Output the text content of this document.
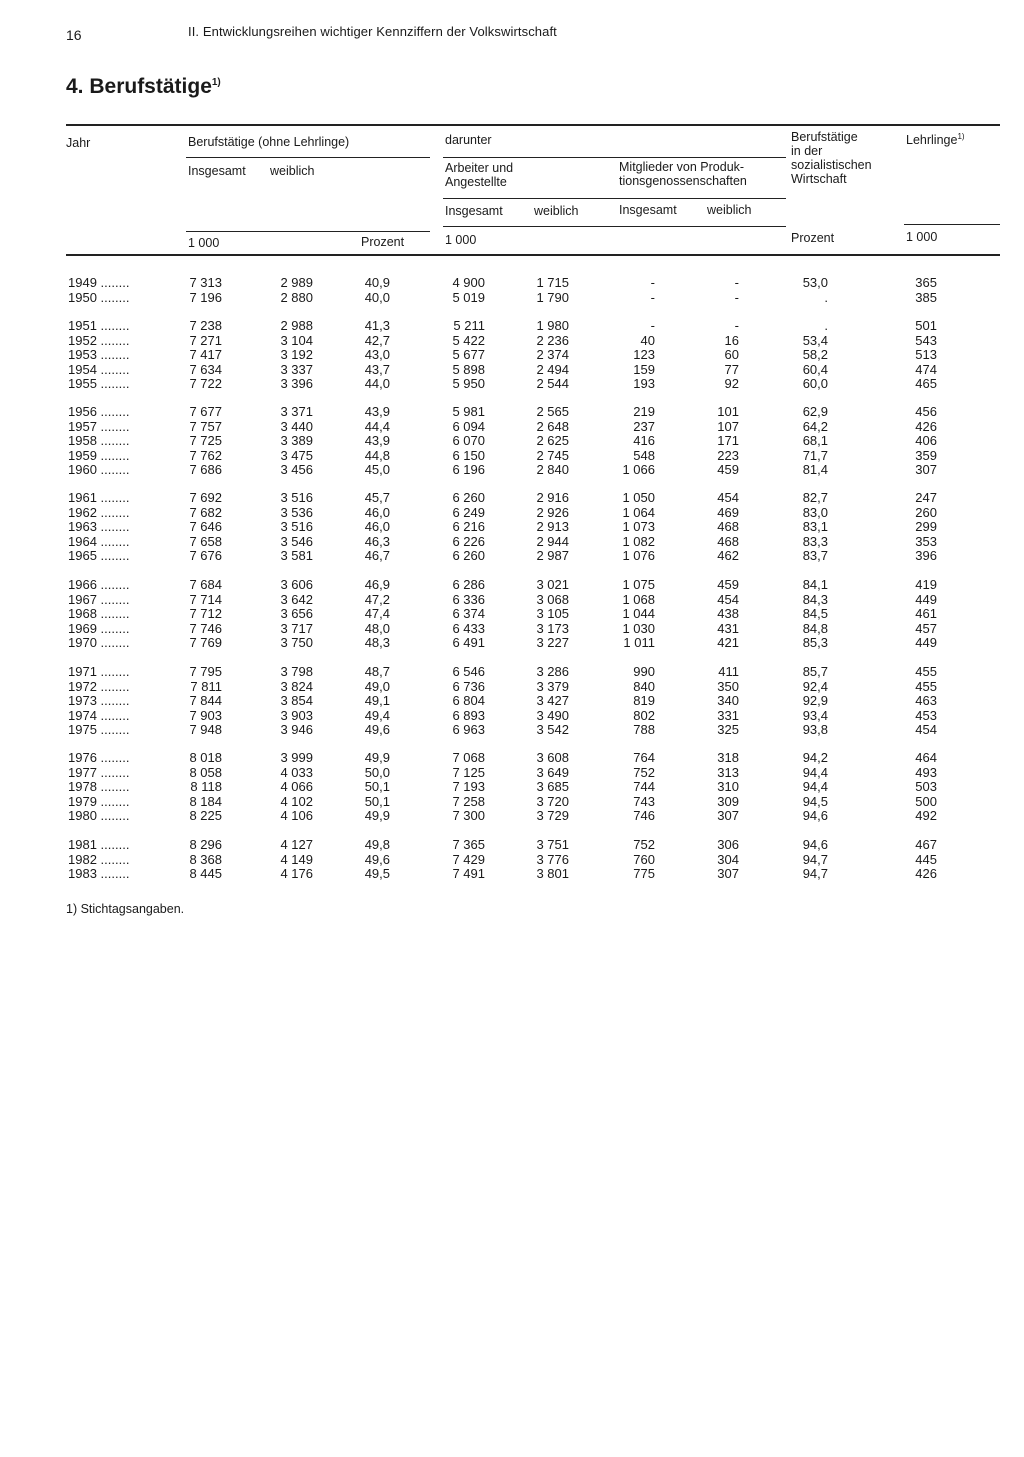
16	II. Entwicklungsreihen wichtiger Kennziffern der Volkswirtschaft
4. Berufstätige$^{1)}$
Jahr	Berufstätige (ohne Lehrlinge)
Insgesamt weiblich
darunter
Arbeiter und
Angestellte
Mitglieder von Produk-
tionsgenossenschaften
Berufstätige
in der
sozialistischen
Wirtschaft
Lehrlinge$^{1)}$
Insgesamt	weiblich	Insgesamt weiblich
1 000	Prozent	1 000	Prozent	1 000
1949 ........	7 313	2 989	40,9	4 900	1 715	-	-	53,0	365
1950 ........	7 196	2 880	40,0	5 019	1 790	-	-	.	385
1951 ........	7 238	2 988	41,3	5 211	1 980	-	-	.	501
1952 ........	7 271	3 104	42,7	5 422	2 236	40	16	53,4	543
1953 ........	7 417	3 192	43,0	5 677	2 374	123	60	58,2	513
1954 ........	7 634	3 337	43,7	5 898	2 494	159	77	60,4	474
1955 ........	7 722	3 396	44,0	5 950	2 544	193	92	60,0	465
1956 ........	7 677	3 371	43,9	5 981	2 565	219	101	62,9	456
1957 ........	7 757	3 440	44,4	6 094	2 648	237	107	64,2	426
1958 ........	7 725	3 389	43,9	6 070	2 625	416	171	68,1	406
1959 ........	7 762	3 475	44,8	6 150	2 745	548	223	71,7	359
1960 ........	7 686	3 456	45,0	6 196	2 840	1 066	459	81,4	307
1961 ........	7 692	3 516	45,7	6 260	2 916	1 050	454	82,7	247
1962 ........	7 682	3 536	46,0	6 249	2 926	1 064	469	83,0	260
1963 ........	7 646	3 516	46,0	6 216	2 913	1 073	468	83,1	299
1964 ........	7 658	3 546	46,3	6 226	2 944	1 082	468	83,3	353
1965 ........	7 676	3 581	46,7	6 260	2 987	1 076	462	83,7	396
1966 ........	7 684	3 606	46,9	6 286	3 021	1 075	459	84,1	419
1967 ........	7 714	3 642	47,2	6 336	3 068	1 068	454	84,3	449
1968 ........	7 712	3 656	47,4	6 374	3 105	1 044	438	84,5	461
1969 ........	7 746	3 717	48,0	6 433	3 173	1 030	431	84,8	457
1970 ........	7 769	3 750	48,3	6 491	3 227	1 011	421	85,3	449
1971 ........	7 795	3 798	48,7	6 546	3 286	990	411	85,7	455
1972 ........	7 811	3 824	49,0	6 736	3 379	840	350	92,4	455
1973 ........	7 844	3 854	49,1	6 804	3 427	819	340	92,9	463
1974 ........	7 903	3 903	49,4	6 893	3 490	802	331	93,4	453
1975 ........	7 948	3 946	49,6	6 963	3 542	788	325	93,8	454
1976 ........	8 018	3 999	49,9	7 068	3 608	764	318	94,2	464
1977 ........	8 058	4 033	50,0	7 125	3 649	752	313	94,4	493
1978 ........	8 118	4 066	50,1	7 193	3 685	744	310	94,4	503
1979 ........	8 184	4 102	50,1	7 258	3 720	743	309	94,5	500
1980 ........	8 225	4 106	49,9	7 300	3 729	746	307	94,6	492
1981 ........	8 296	4 127	49,8	7 365	3 751	752	306	94,6	467
1982 ........	8 368	4 149	49,6	7 429	3 776	760	304	94,7	445
1983 ........	8 445	4 176	49,5	7 491	3 801	775	307	94,7	426
1) Stichtagsangaben.
